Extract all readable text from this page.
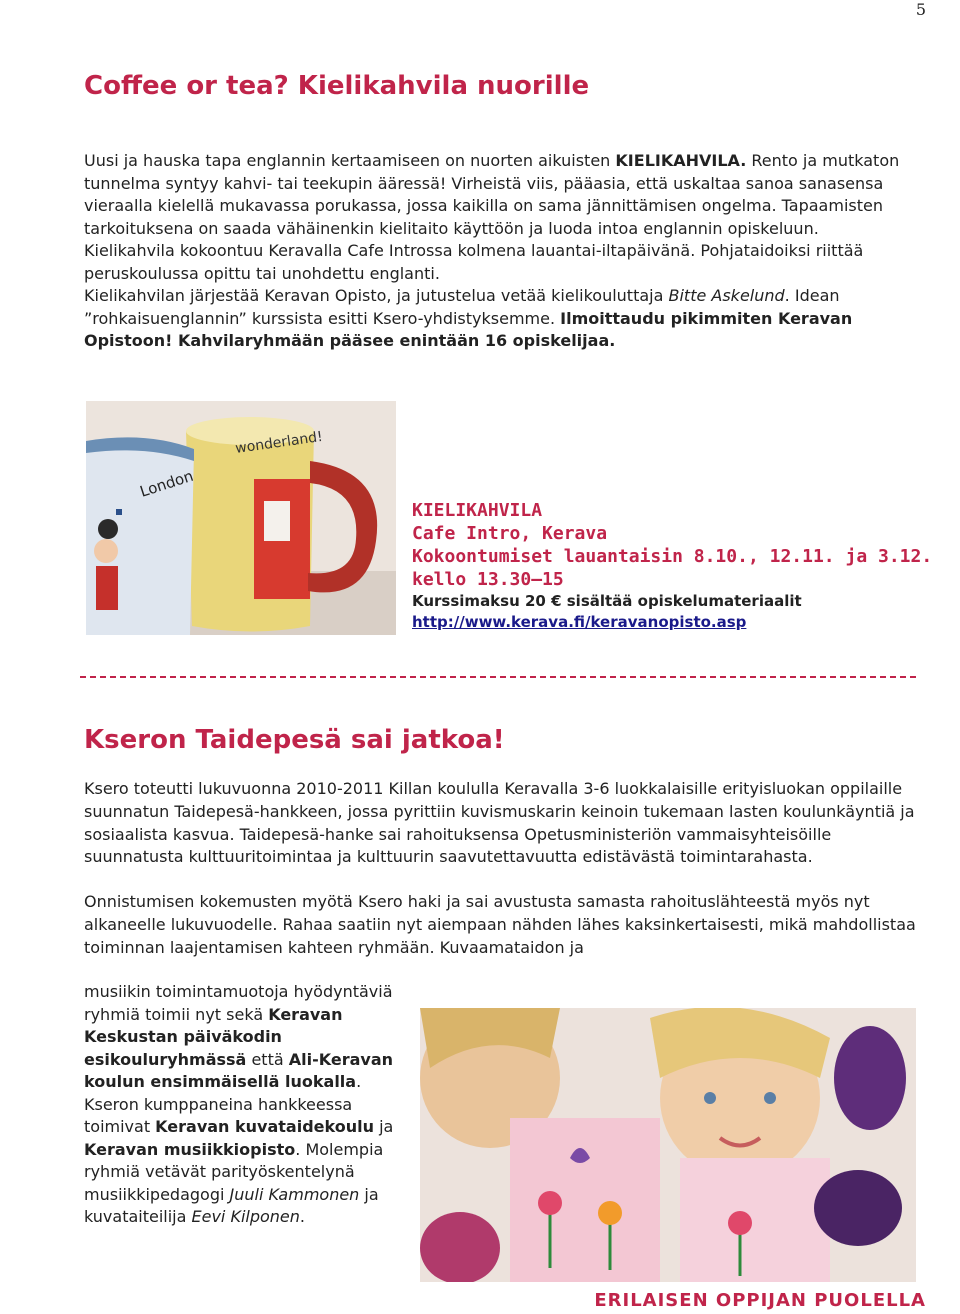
5
Coffee or tea? Kielikahvila nuorille

Uusi ja hauska tapa englannin kertaamiseen on nuorten aikuisten KIELIKAHVILA. Rento ja mutkaton tunnelma syntyy kahvi- tai teekupin ääressä! Virheistä viis, pääasia, että uskaltaa sanoa sanasensa vieraalla kielellä mukavassa porukassa, jossa kaikilla on sama jännittämisen ongelma. Tapaamisten tarkoituksena on saada vähäinenkin kielitaito käyttöön ja luoda intoa englannin opiskeluun.

Kielikahvila kokoontuu Keravalla Cafe Introssa kolmena lauantai-iltapäivänä. Pohjataidoiksi riittää peruskoulussa opittu tai unohdettu englanti.

Kielikahvilan järjestää Keravan Opisto, ja jutustelua vetää kielikouluttaja Bitte Askelund. Idean ”rohkaisuenglannin” kurssista esitti Ksero-yhdistyksemme. Ilmoittaudu pikimmiten Keravan Opistoon! Kahvilaryhmään pääsee enintään 16 opiskelijaa.

wonderland!
London
KIELIKAHVILA
Cafe Intro, Kerava
Kokoontumiset lauantaisin 8.10., 12.11. ja 3.12.
kello 13.30–15
Kurssimaksu 20 € sisältää opiskelumateriaalit
http://www.kerava.fi/keravanopisto.asp
Kseron Taidepesä sai jatkoa!

Ksero toteutti lukuvuonna 2010-2011 Killan koululla Keravalla 3-6 luokkalaisille erityisluokan oppilaille suunnatun Taidepesä-hankkeen, jossa pyrittiin kuvismuskarin keinoin tukemaan lasten koulunkäyntiä ja sosiaalista kasvua. Taidepesä-hanke sai rahoituksensa Opetusministeriön vammaisyhteisöille suunnatusta kulttuuritoimintaa ja kulttuurin saavutettavuutta edistävästä toimintarahasta.

Onnistumisen kokemusten myötä Ksero haki ja sai avustusta samasta rahoituslähteestä myös nyt alkaneelle lukuvuodelle. Rahaa saatiin nyt aiempaan nähden lähes kaksinkertaisesti, mikä mahdollistaa toiminnan laajentamisen kahteen ryhmään. Kuvaamataidon ja

musiikin toimintamuotoja hyödyntäviä ryhmiä toimii nyt sekä Keravan Keskustan päiväkodin esikouluryhmässä että Ali-Keravan koulun ensimmäisellä luokalla.
Kseron kumppaneina hankkeessa toimivat Keravan kuvataidekoulu ja Keravan musiikkiopisto. Molempia ryhmiä vetävät parityöskentelynä musiikkipedagogi Juuli Kammonen ja kuvataiteilija Eevi Kilponen.
ERILAISEN OPPIJAN PUOLELLA
